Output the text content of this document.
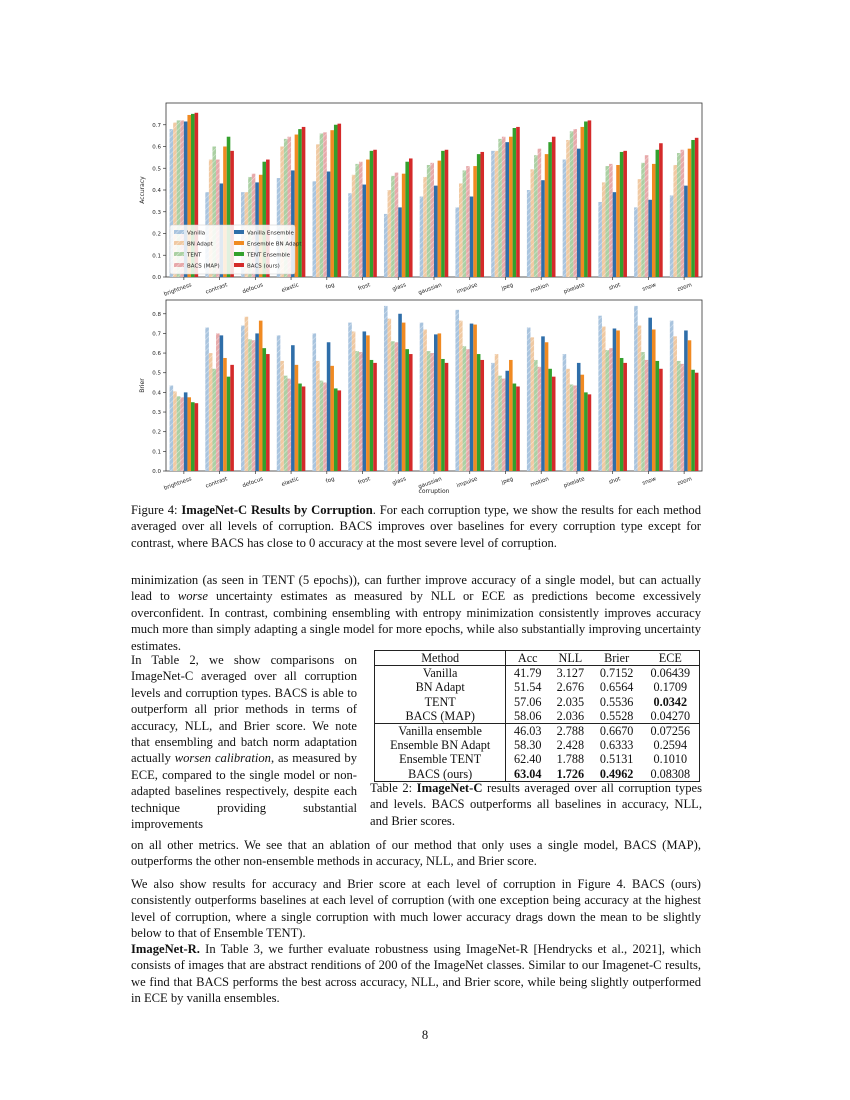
0.0
0.1
0.2
0.3
0.4
0.5
0.6
0.7
Accuracy
brightness contrast defocus	elastic	fog	frost	glass gaussian impulse	jpeg	motion pixelate	shot	snow	zoom
Vanilla
BN Adapt
TENT
BACS (MAP)
Vanilla Ensemble
Ensemble BN Adapt
TENT Ensemble
BACS (ours)
0.0
0.1
0.2
0.3
0.4
0.5
0.6
0.7
0.8
Brier
brightness contrast defocus	elastic	fog	frost	glass gaussian impulse	jpeg	motion pixelate	shot	snow	zoom
corruption

Figure 4: ImageNet-C Results by Corruption. For each corruption type, we show the results for each method averaged over all levels of corruption. BACS improves over baselines for every corruption type except for contrast, where BACS has close to 0 accuracy at the most severe level of corruption.

minimization (as seen in TENT (5 epochs)), can further improve accuracy of a single model, but can actually lead to worse uncertainty estimates as measured by NLL or ECE as predictions become excessively overconfident. In contrast, combining ensembling with entropy minimization consistently improves accuracy much more than simply adapting a single model for more epochs, while also substantially improving uncertainty estimates.

In Table 2, we show comparisons on ImageNet-C averaged over all corruption levels and corruption types. BACS is able to outperform all prior methods in terms of accuracy, NLL, and Brier score. We note that ensembling and batch norm adaptation actually worsen calibration, as measured by ECE, compared to the single model or non-adapted baselines respectively, despite each technique providing substantial improvements
Method	Acc	NLL	Brier	ECE
Vanilla	41.79	3.127	0.7152	0.06439
BN Adapt	51.54	2.676	0.6564	0.1709
TENT	57.06	2.035	0.5536	0.0342
BACS (MAP)	58.06	2.036	0.5528	0.04270
Vanilla ensemble	46.03	2.788	0.6670	0.07256
Ensemble BN Adapt	58.30	2.428	0.6333	0.2594
Ensemble TENT	62.40	1.788	0.5131	0.1010
BACS (ours)	63.04	1.726	0.4962	0.08308
Table 2: ImageNet-C results averaged over all corruption types and levels. BACS outperforms all baselines in accuracy, NLL, and Brier scores.

on all other metrics. We see that an ablation of our method that only uses a single model, BACS (MAP), outperforms the other non-ensemble methods in accuracy, NLL, and Brier score.

We also show results for accuracy and Brier score at each level of corruption in Figure 4. BACS (ours) consistently outperforms baselines at each level of corruption (with one exception being accuracy at the highest level of corruption, where a single corruption with much lower accuracy drags down the mean to be slightly below to that of Ensemble TENT).

ImageNet-R. In Table 3, we further evaluate robustness using ImageNet-R [Hendrycks et al., 2021], which consists of images that are abstract renditions of 200 of the ImageNet classes. Similar to our Imagenet-C results, we find that BACS performs the best across accuracy, NLL, and Brier score, while being slightly outperformed in ECE by vanilla ensembles.

8
